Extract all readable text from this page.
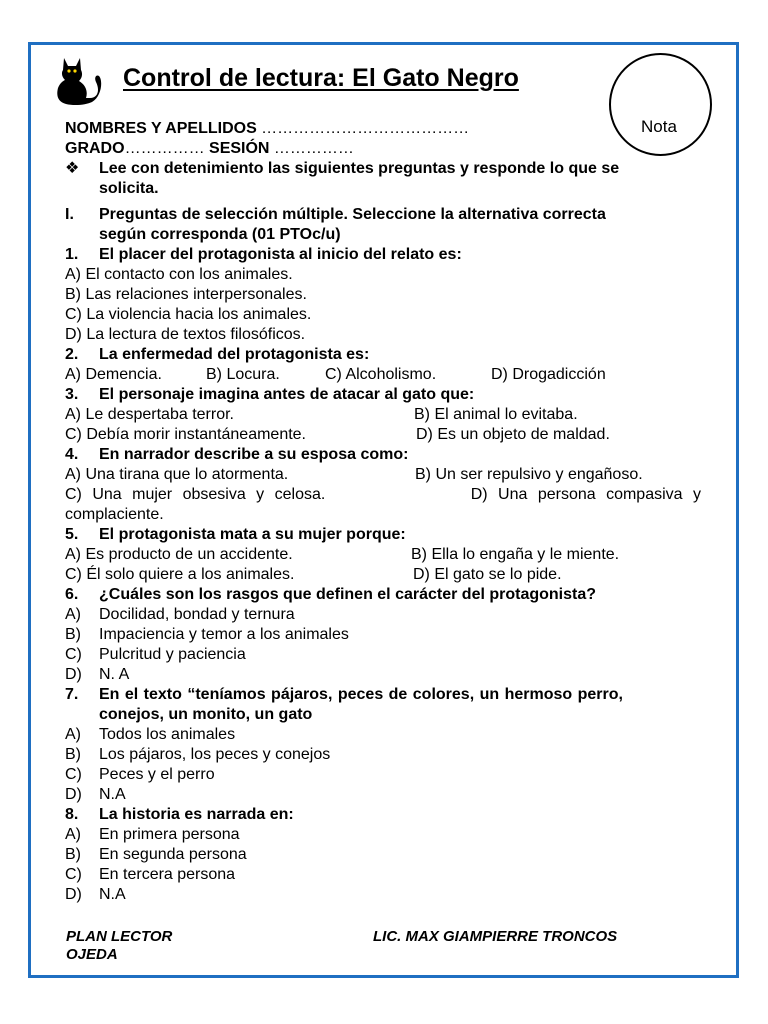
Control de lectura: El Gato Negro
Nota
NOMBRES Y APELLIDOS …………………………………
GRADO…………… SESIÓN ……………
❖ Lee con detenimiento las siguientes preguntas y responde lo que se
solicita.
I. Preguntas de selección múltiple. Seleccione la alternativa correcta
según corresponda (01 PTOc/u)
1. El placer del protagonista al inicio del relato es:
A) El contacto con los animales.
B) Las relaciones interpersonales.
C) La violencia hacia los animales.
D) La lectura de textos filosóficos.
2. La enfermedad del protagonista es:
A) Demencia.	B) Locura.	C) Alcoholismo.	D) Drogadicción
3. El personaje imagina antes de atacar al gato que:
A) Le despertaba terror.	B) El animal lo evitaba.
C) Debía morir instantáneamente.	D) Es un objeto de maldad.
4. En narrador describe a su esposa como:
A) Una tirana que lo atormenta.	B) Un ser repulsivo y engañoso.
C) Una mujer obsesiva y celosa.	D) Una persona compasiva y
complaciente.
5. El protagonista mata a su mujer porque:
A) Es producto de un accidente.	B) Ella lo engaña y le miente.
C) Él solo quiere a los animales.	D) El gato se lo pide.
6. ¿Cuáles son los rasgos que definen el carácter del protagonista?
A) Docilidad, bondad y ternura
B) Impaciencia y temor a los animales
C) Pulcritud y paciencia
D) N. A
7. En el texto “teníamos pájaros, peces de colores, un hermoso perro,
conejos, un monito, un gato
A) Todos los animales
B) Los pájaros, los peces y conejos
C) Peces y el perro
D) N.A
8. La historia es narrada en:
A) En primera persona
B) En segunda persona
C) En tercera persona
D) N.A
PLAN LECTOR	LIC. MAX GIAMPIERRE TRONCOS
OJEDA
